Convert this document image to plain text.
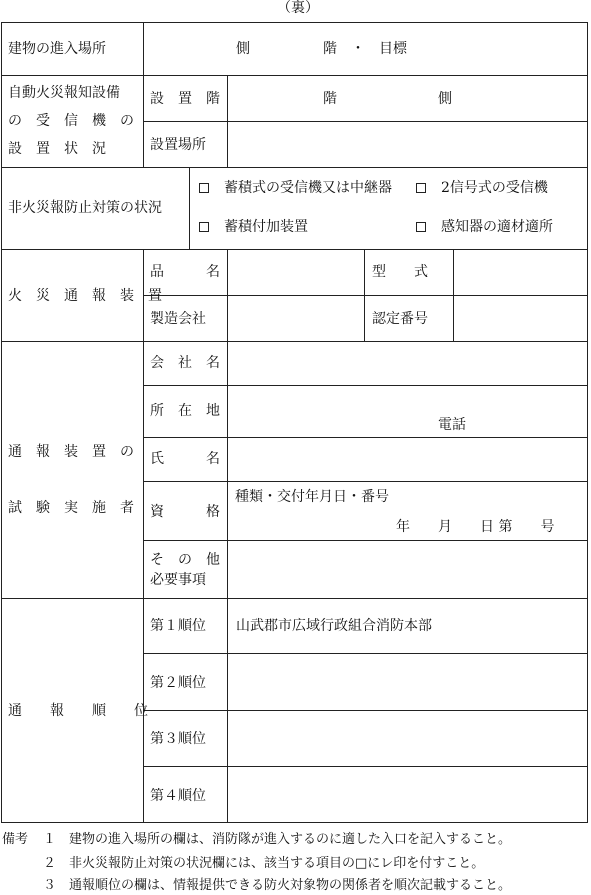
（裏）
建物の進入場所	側	階　・　目標
自動火災報知設備
の　受　信　機　の
設　置　状　況
設　置　階	階	側
設置場所
非火災報防止対策の状況
蓄積式の受信機又は中継器	2信号式の受信機
蓄積付加装置	感知器の適材適所
火　災　通　報　装　置
品　　　名	型　　式
製造会社	認定番号
通　報　装　置　の
試　験　実　施　者
会　社　名
所　在　地
電話
氏　　　名
資　　　格
種類・交付年月日・番号
年　　月　　日 第　　号
そ　の　他
必要事項
通　　報　　順　　位
第１順位 山武郡市広域行政組合消防本部
第２順位
第３順位
第４順位
備考 １　建物の進入場所の欄は、消防隊が進入するのに適した入口を記入すること。
２　非火災報防止対策の状況欄には、該当する項目の□にレ印を付すこと。
３　通報順位の欄は、情報提供できる防火対象物の関係者を順次記載すること。
